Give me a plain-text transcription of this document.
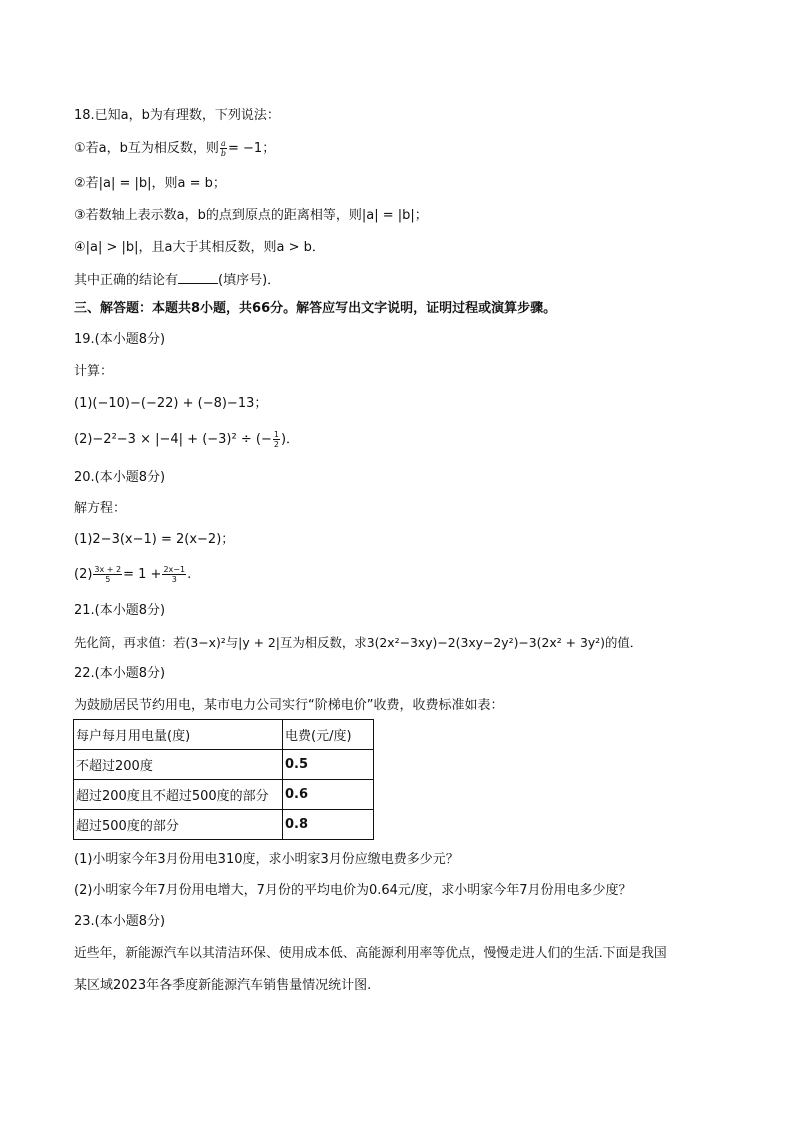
18.已知a，b为有理数，下列说法：
①若a，b互为相反数，则 $\frac{a}{b} = -1$；
②若|a| = |b|，则a = b；
③若数轴上表示数a，b的点到原点的距离相等，则|a| = |b|；
④|a| > |b|，且a大于其相反数，则a > b．
其中正确的结论有	(填序号)．
三、解答题：本题共8小题，共66分。解答应写出文字说明，证明过程或演算步骤。
19.(本小题8分)
计算：
(1)(−10)−(−22) + (−8)−13；
(2)−2²−3 × |−4| + (−3)² ÷ (− $\frac{1}{2}$ )．
20.(本小题8分)
解方程：
(1)2−3(x−1) = 2(x−2)；
$(2) \frac{3x + 2}{5} = 1 + \frac{2x-1}{3}$ .
21.(本小题8分)
先化简，再求值：若(3−x)²与|y + 2|互为相反数，求3(2x²−3xy)−2(3xy−2y²)−3(2x² + 3y²)的值．
22.(本小题8分)
为鼓励居民节约用电，某市电力公司实行“阶梯电价”收费，收费标准如表：
每户每月用电量(度)	电费(元/度)
不超过200度	0.5
超过200度且不超过500度的部分	0.6
超过500度的部分	0.8
(1)小明家今年3月份用电310度，求小明家3月份应缴电费多少元？
(2)小明家今年7月份用电增大，7月份的平均电价为0.64元/度，求小明家今年7月份用电多少度？
23.(本小题8分)
近些年，新能源汽车以其清洁环保、使用成本低、高能源利用率等优点，慢慢走进人们的生活.下面是我国
某区域2023年各季度新能源汽车销售量情况统计图.
